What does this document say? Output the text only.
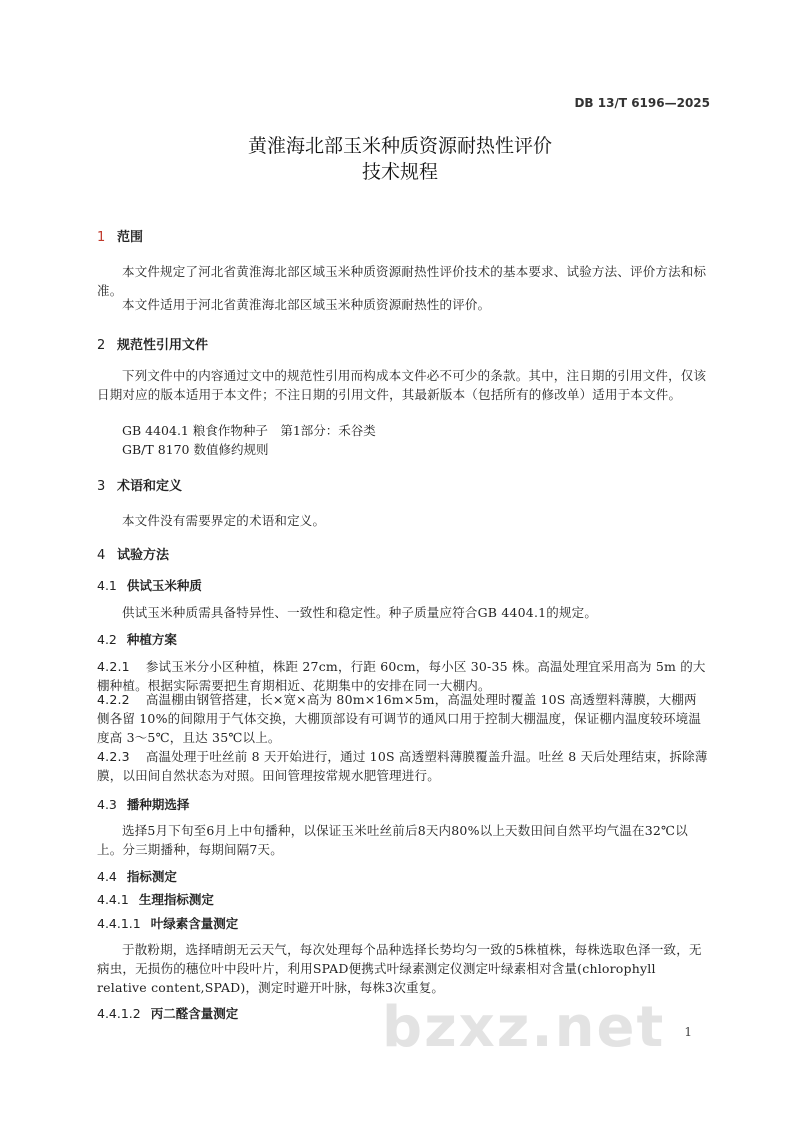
DB 13/T 6196—2025
黄淮海北部玉米种质资源耐热性评价
技术规程
1 范围
本文件规定了河北省黄淮海北部区域玉米种质资源耐热性评价技术的基本要求、试验方法、评价方法和标准。
本文件适用于河北省黄淮海北部区域玉米种质资源耐热性的评价。
2 规范性引用文件
下列文件中的内容通过文中的规范性引用而构成本文件必不可少的条款。其中，注日期的引用文件，仅该日期对应的版本适用于本文件；不注日期的引用文件，其最新版本（包括所有的修改单）适用于本文件。
GB 4404.1 粮食作物种子　第1部分：禾谷类
GB/T 8170 数值修约规则
3 术语和定义
本文件没有需要界定的术语和定义。
4 试验方法
4.1 供试玉米种质
供试玉米种质需具备特异性、一致性和稳定性。种子质量应符合GB 4404.1的规定。
4.2 种植方案
4.2.1 参试玉米分小区种植，株距 27cm，行距 60cm，每小区 30-35 株。高温处理宜采用高为 5m 的大棚种植。根据实际需要把生育期相近、花期集中的安排在同一大棚内。
4.2.2 高温棚由钢管搭建，长×宽×高为 80m×16m×5m，高温处理时覆盖 10S 高透塑料薄膜，大棚两侧各留 10%的间隙用于气体交换，大棚顶部设有可调节的通风口用于控制大棚温度，保证棚内温度较环境温度高 3～5℃，且达 35℃以上。
4.2.3 高温处理于吐丝前 8 天开始进行，通过 10S 高透塑料薄膜覆盖升温。吐丝 8 天后处理结束，拆除薄膜，以田间自然状态为对照。田间管理按常规水肥管理进行。
4.3 播种期选择
选择5月下旬至6月上中旬播种，以保证玉米吐丝前后8天内80%以上天数田间自然平均气温在32℃以上。分三期播种，每期间隔7天。
4.4 指标测定
4.4.1 生理指标测定
4.4.1.1 叶绿素含量测定
于散粉期，选择晴朗无云天气，每次处理每个品种选择长势均匀一致的5株植株，每株选取色泽一致，无病虫，无损伤的穗位叶中段叶片，利用SPAD便携式叶绿素测定仪测定叶绿素相对含量(chlorophyll relative content,SPAD)，测定时避开叶脉，每株3次重复。
bzxz.net
4.4.1.2 丙二醛含量测定
1
